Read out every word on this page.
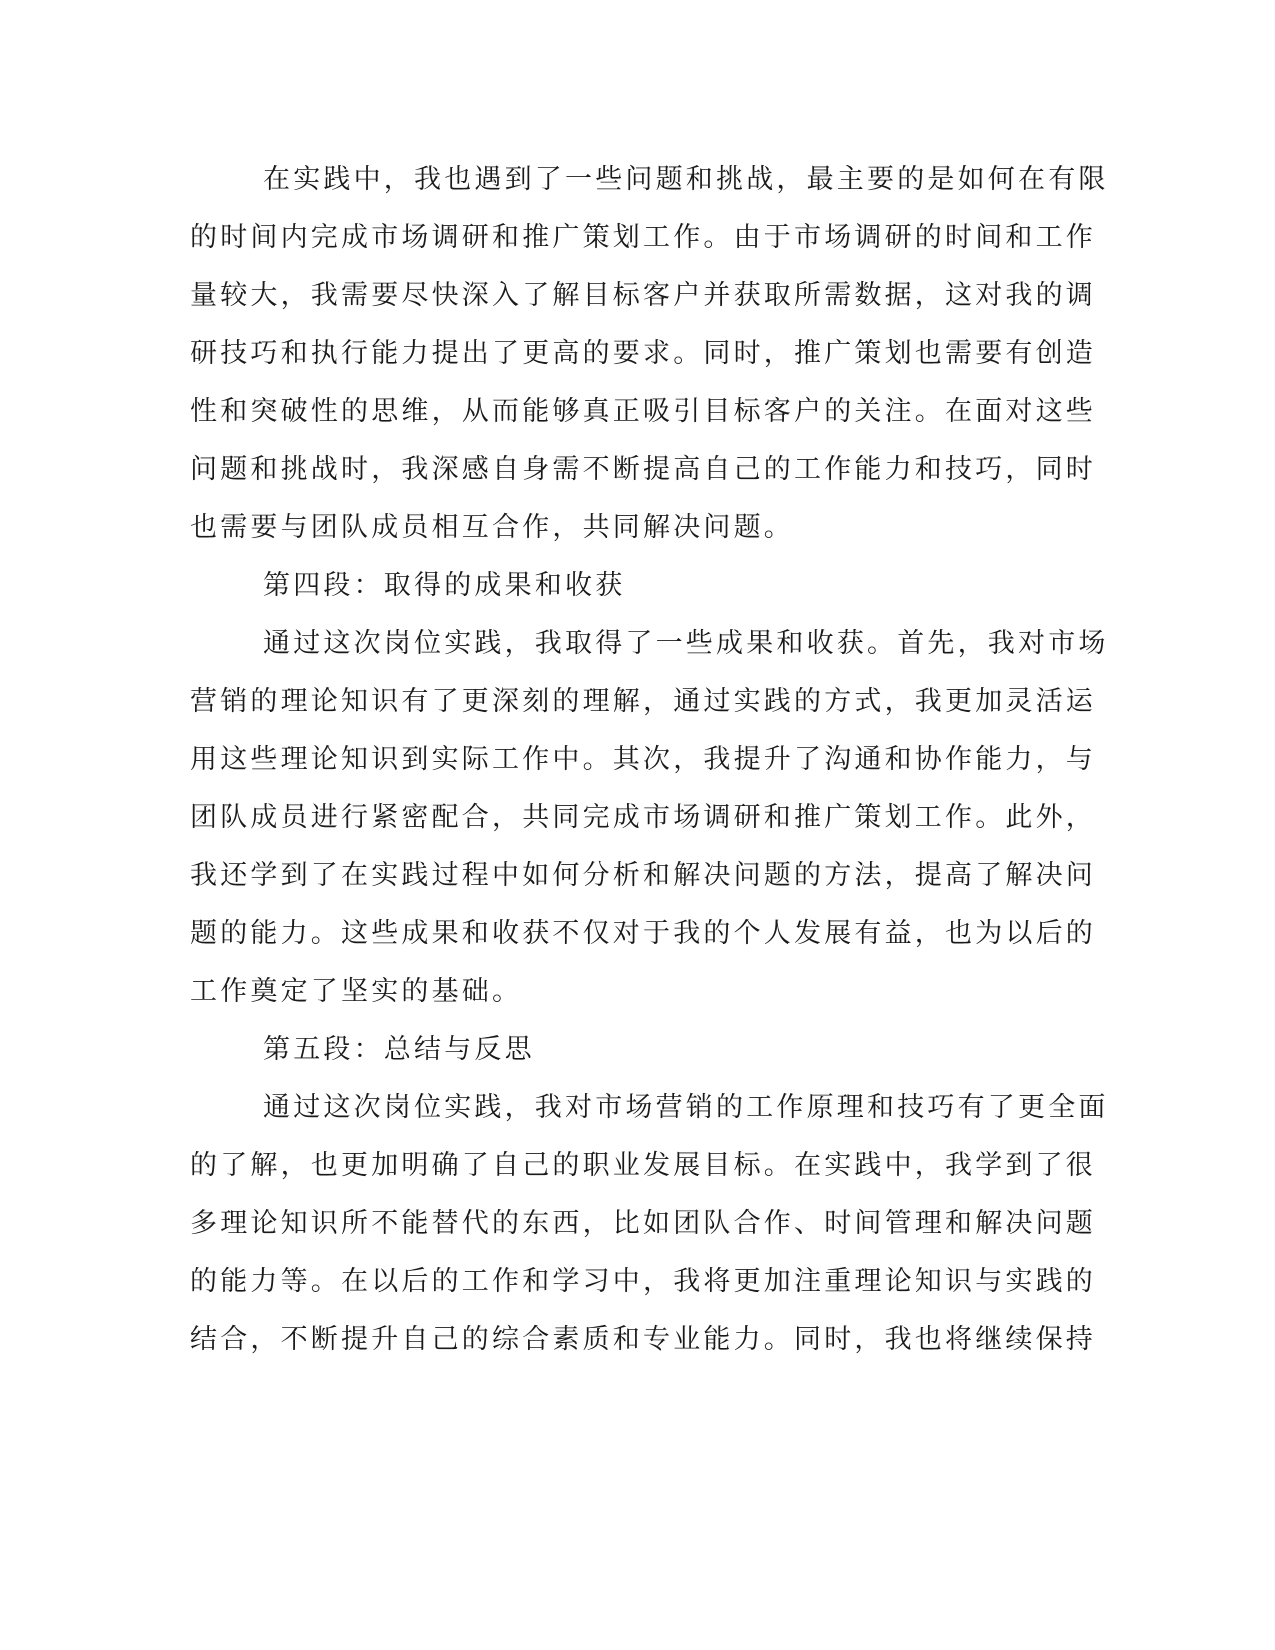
在实践中，我也遇到了一些问题和挑战，最主要的是如何在有限

的时间内完成市场调研和推广策划工作。由于市场调研的时间和工作

量较大，我需要尽快深入了解目标客户并获取所需数据，这对我的调

研技巧和执行能力提出了更高的要求。同时，推广策划也需要有创造

性和突破性的思维，从而能够真正吸引目标客户的关注。在面对这些

问题和挑战时，我深感自身需不断提高自己的工作能力和技巧，同时

也需要与团队成员相互合作，共同解决问题。

第四段：取得的成果和收获

通过这次岗位实践，我取得了一些成果和收获。首先，我对市场

营销的理论知识有了更深刻的理解，通过实践的方式，我更加灵活运

用这些理论知识到实际工作中。其次，我提升了沟通和协作能力，与

团队成员进行紧密配合，共同完成市场调研和推广策划工作。此外，

我还学到了在实践过程中如何分析和解决问题的方法，提高了解决问

题的能力。这些成果和收获不仅对于我的个人发展有益，也为以后的

工作奠定了坚实的基础。

第五段：总结与反思

通过这次岗位实践，我对市场营销的工作原理和技巧有了更全面

的了解，也更加明确了自己的职业发展目标。在实践中，我学到了很

多理论知识所不能替代的东西，比如团队合作、时间管理和解决问题

的能力等。在以后的工作和学习中，我将更加注重理论知识与实践的

结合，不断提升自己的综合素质和专业能力。同时，我也将继续保持
